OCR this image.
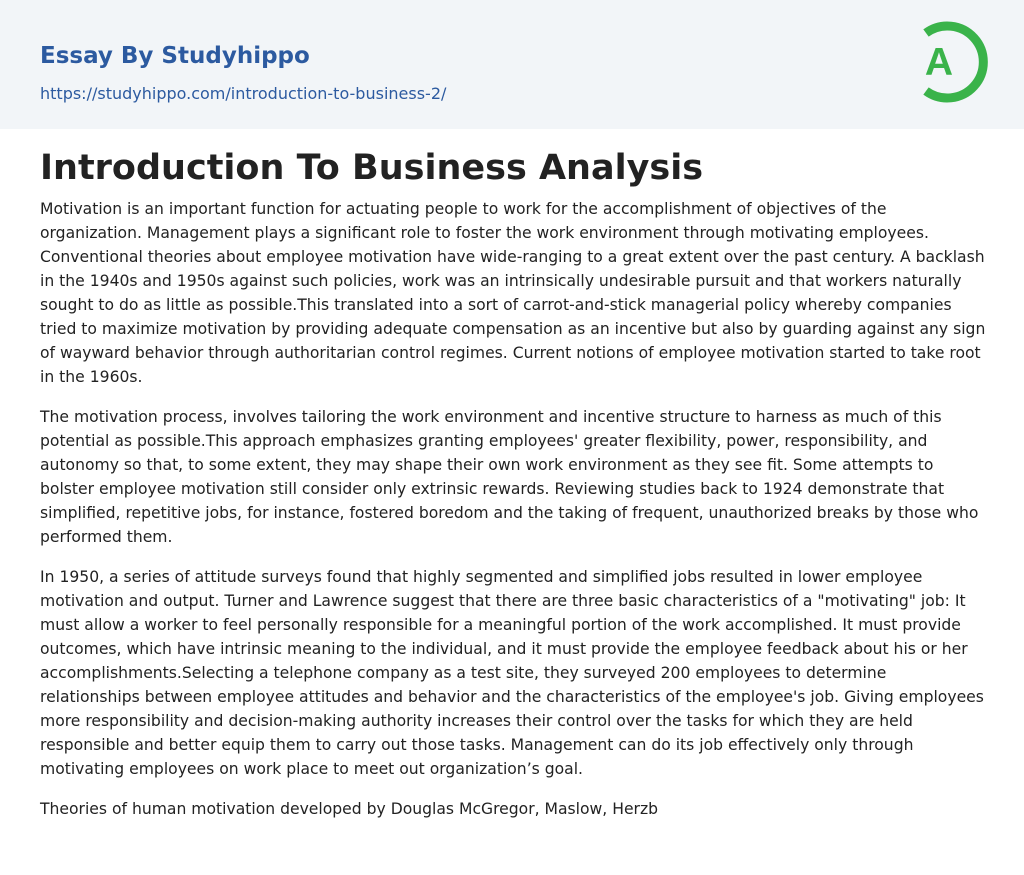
Essay By Studyhippo
https://studyhippo.com/introduction-to-business-2/
A
Introduction To Business Analysis

Motivation is an important function for actuating people to work for the accomplishment of objectives of the organization. Management plays a significant role to foster the work environment through motivating employees. Conventional theories about employee motivation have wide-ranging to a great extent over the past century. A backlash in the 1940s and 1950s against such policies, work was an intrinsically undesirable pursuit and that workers naturally sought to do as little as possible.This translated into a sort of carrot-and-stick managerial policy whereby companies tried to maximize motivation by providing adequate compensation as an incentive but also by guarding against any sign of wayward behavior through authoritarian control regimes. Current notions of employee motivation started to take root in the 1960s.

The motivation process, involves tailoring the work environment and incentive structure to harness as much of this potential as possible.This approach emphasizes granting employees' greater flexibility, power, responsibility, and autonomy so that, to some extent, they may shape their own work environment as they see fit. Some attempts to bolster employee motivation still consider only extrinsic rewards. Reviewing studies back to 1924 demonstrate that simplified, repetitive jobs, for instance, fostered boredom and the taking of frequent, unauthorized breaks by those who performed them.

In 1950, a series of attitude surveys found that highly segmented and simplified jobs resulted in lower employee motivation and output. Turner and Lawrence suggest that there are three basic characteristics of a "motivating" job: It must allow a worker to feel personally responsible for a meaningful portion of the work accomplished. It must provide outcomes, which have intrinsic meaning to the individual, and it must provide the employee feedback about his or her accomplishments.Selecting a telephone company as a test site, they surveyed 200 employees to determine relationships between employee attitudes and behavior and the characteristics of the employee's job. Giving employees more responsibility and decision-making authority increases their control over the tasks for which they are held responsible and better equip them to carry out those tasks. Management can do its job effectively only through motivating employees on work place to meet out organization’s goal.

Theories of human motivation developed by Douglas McGregor, Maslow, Herzb
